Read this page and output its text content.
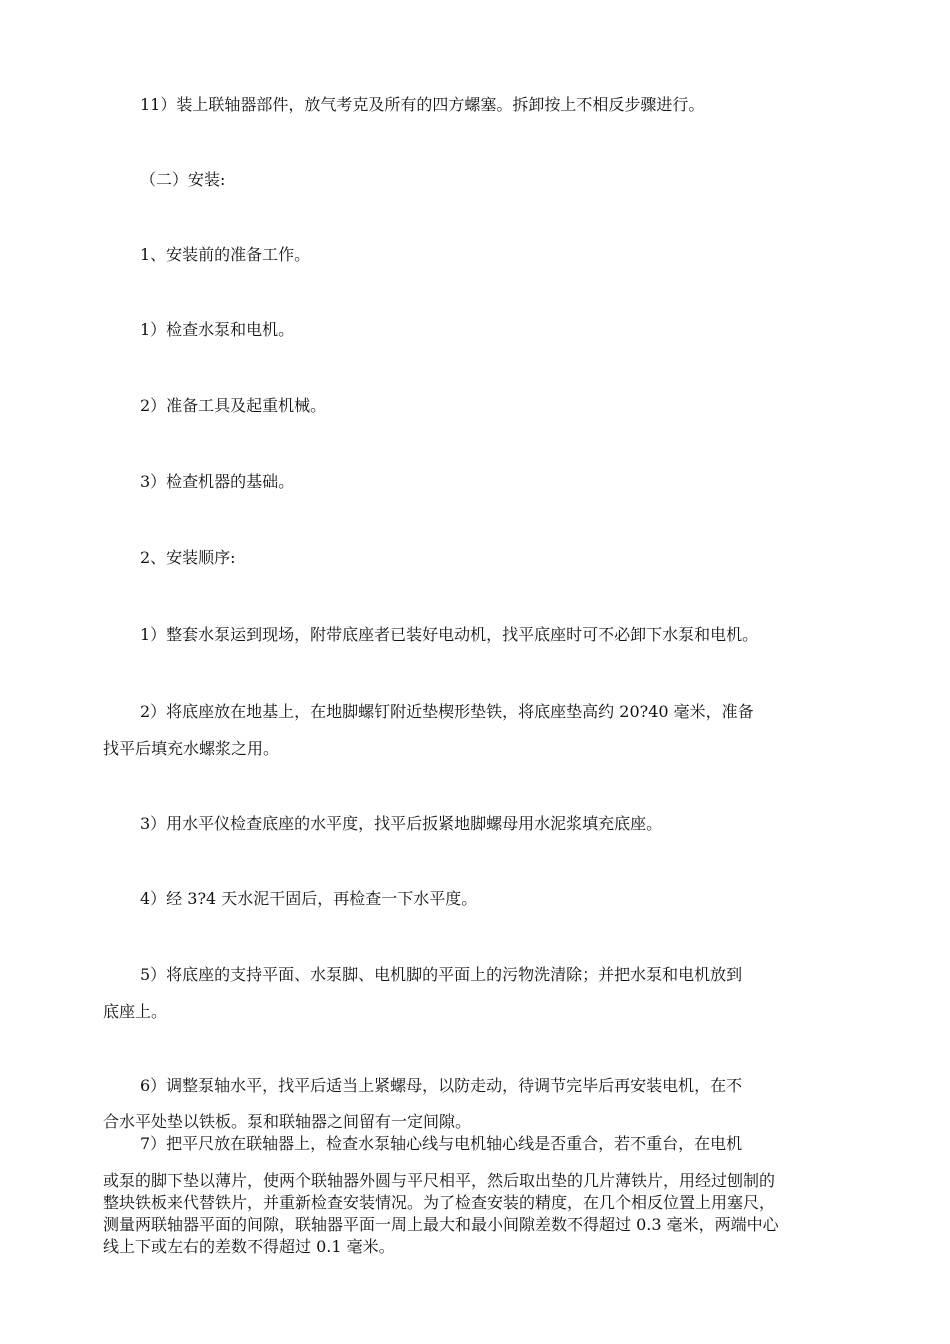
11）装上联轴器部件，放气考克及所有的四方螺塞。拆卸按上不相反步骤进行。
（二）安装:
1、安装前的准备工作。
1）检查水泵和电机。
2）准备工具及起重机械。
3）检查机器的基础。
2、安装顺序:
1）整套水泵运到现场，附带底座者已装好电动机，找平底座时可不必卸下水泵和电机。
2）将底座放在地基上，在地脚螺钉附近垫楔形垫铁，将底座垫高约 20?40 毫米，准备
找平后填充水螺浆之用。
3）用水平仪检查底座的水平度，找平后扳紧地脚螺母用水泥浆填充底座。
4）经 3?4 天水泥干固后，再检查一下水平度。
5）将底座的支持平面、水泵脚、电机脚的平面上的污物洗清除；并把水泵和电机放到
底座上。
6）调整泵轴水平，找平后适当上紧螺母，以防走动，待调节完毕后再安装电机，在不
合水平处垫以铁板。泵和联轴器之间留有一定间隙。
7）把平尺放在联轴器上，检查水泵轴心线与电机轴心线是否重合，若不重台，在电机
或泵的脚下垫以薄片，使两个联轴器外圆与平尺相平，然后取出垫的几片薄铁片，用经过刨制的
整块铁板来代替铁片，并重新检查安装情况。为了检查安装的精度，在几个相反位置上用塞尺，
测量两联轴器平面的间隙，联轴器平面一周上最大和最小间隙差数不得超过 0.3 毫米，两端中心
线上下或左右的差数不得超过 0.1 毫米。
